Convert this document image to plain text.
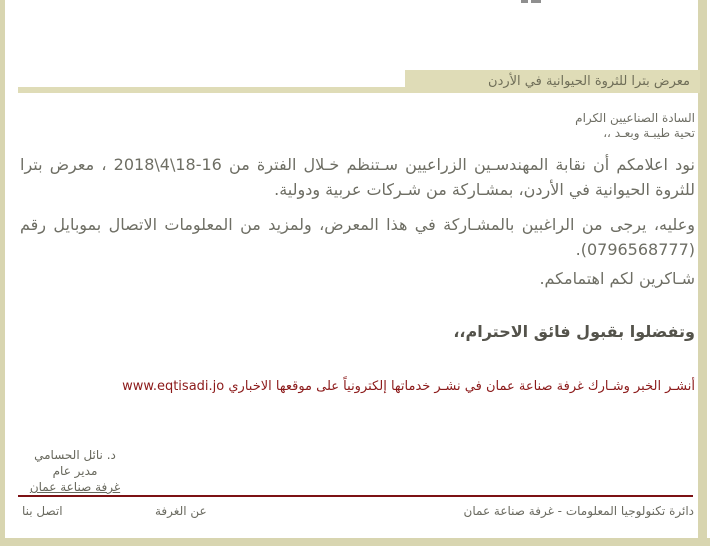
معرض بترا للثروة الحيوانية في الأردن

السادة الصناعيين الكرام

تحية طيبـة وبعـد ،،

نود اعلامكم أن نقابة المهندسـين الزراعيين سـتنظم خـلال الفترة من 16‏-‏18\4\2018 ، معرض بترا للثروة الحيوانية في الأردن، بمشـاركة من شـركات عربية ودولية.

وعليه، يرجى من الراغبين بالمشـاركة في هذا المعرض، ولمزيد من المعلومات الاتصال بموبايل رقم (0796568777).

شـاكرين لكم اهتمامكم.

وتفضلوا بقبول فائق الاحترام،،

أنشـر الخبر وشـارك غرفة صناعة عمان في نشـر خدماتها إلكترونياً على موقعها الاخباري www.eqtisadi.jo

د. نائل الحسامي
مدير عام
غرفة صناعة عمان
اتصل بنا	عن الغرفة	دائرة تكنولوجيا المعلومات - غرفة صناعة عمان
